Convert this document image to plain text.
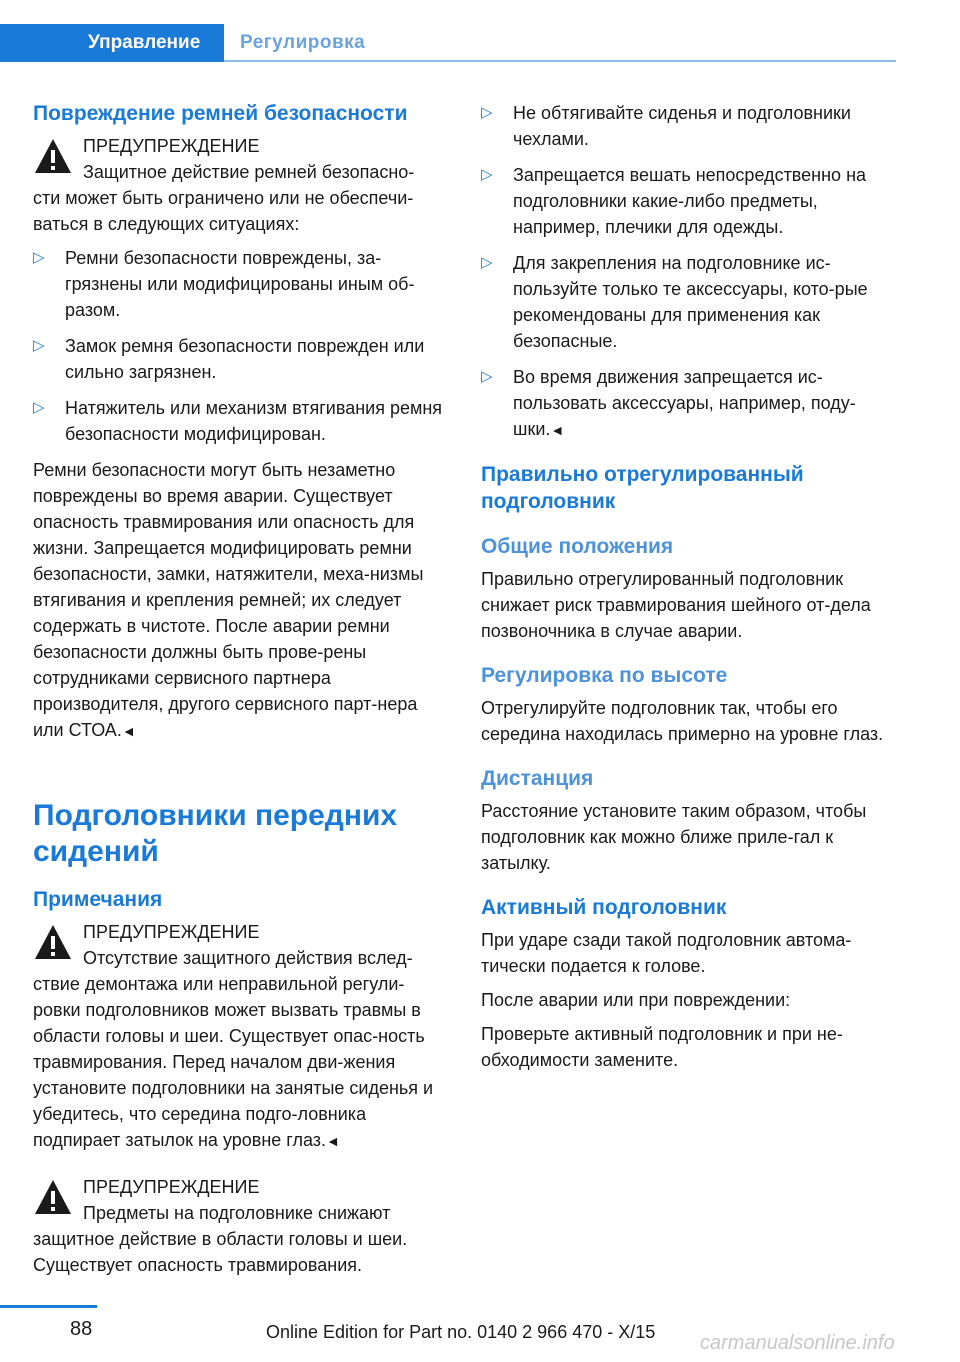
Управление	Регулировка
Повреждение ремней безопасности
ПРЕДУПРЕЖДЕНИЕ
Защитное действие ремней безопасно-
сти может быть ограничено или не обеспечи-ваться в следующих ситуациях:
▷ Ремни безопасности повреждены, за-грязнены или модифицированы иным об-разом.
▷ Замок ремня безопасности поврежден или сильно загрязнен.
▷ Натяжитель или механизм втягивания ремня безопасности модифицирован.

Ремни безопасности могут быть незаметно повреждены во время аварии. Существует опасность травмирования или опасность для жизни. Запрещается модифицировать ремни безопасности, замки, натяжители, меха-низмы втягивания и крепления ремней; их следует содержать в чистоте. После аварии ремни безопасности должны быть прове-рены сотрудниками сервисного партнера производителя, другого сервисного парт-нера или СТОА.◄

Подголовники передних сидений
Примечания
ПРЕДУПРЕЖДЕНИЕ
Отсутствие защитного действия вслед-
ствие демонтажа или неправильной регули-ровки подголовников может вызвать травмы в области головы и шеи. Существует опас-ность травмирования. Перед началом дви-жения установите подголовники на занятые сиденья и убедитесь, что середина подго-ловника подпирает затылок на уровне глаз.◄
ПРЕДУПРЕЖДЕНИЕ
Предметы на подголовнике снижают
защитное действие в области головы и шеи. Существует опасность травмирования.
▷ Не обтягивайте сиденья и подголовники чехлами.
▷ Запрещается вешать непосредственно на подголовники какие-либо предметы, например, плечики для одежды.
▷ Для закрепления на подголовнике ис-пользуйте только те аксессуары, кото-рые рекомендованы для применения как безопасные.
▷ Во время движения запрещается ис-пользовать аксессуары, например, поду-шки.◄
Правильно отрегулированный подголовник
Общие положения

Правильно отрегулированный подголовник снижает риск травмирования шейного от-дела позвоночника в случае аварии.

Регулировка по высоте

Отрегулируйте подголовник так, чтобы его середина находилась примерно на уровне глаз.

Дистанция

Расстояние установите таким образом, чтобы подголовник как можно ближе приле-гал к затылку.

Активный подголовник

При ударе сзади такой подголовник автома-тически подается к голове.

После аварии или при повреждении:

Проверьте активный подголовник и при не-обходимости замените.

88	Online Edition for Part no. 0140 2 966 470 - X/15 carmanualsonline.info
